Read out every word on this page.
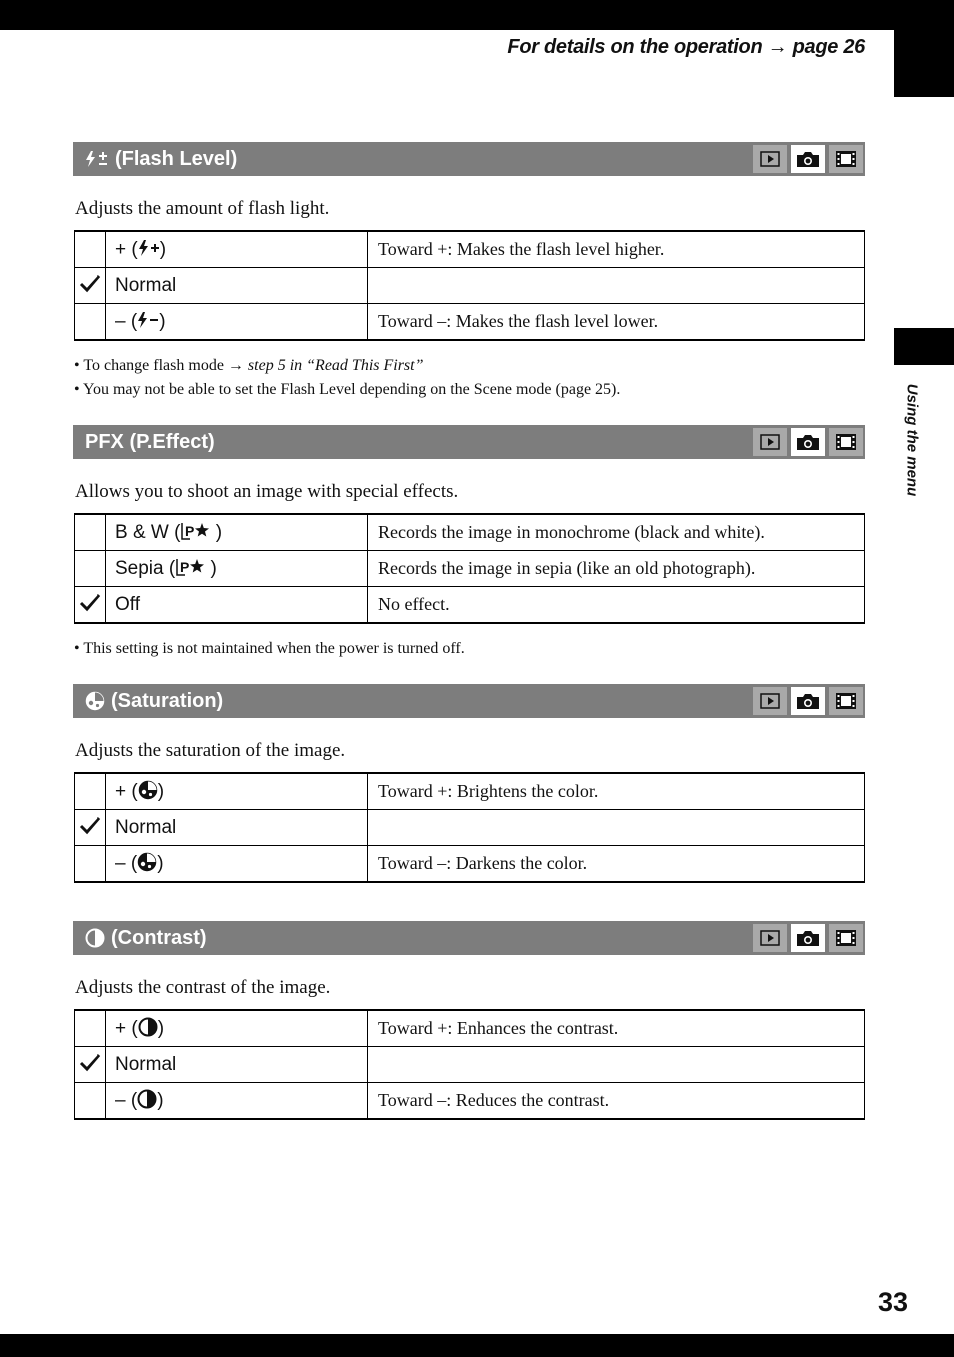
For details on the operation → page 26
Using the menu
33
(Flash Level)
Adjusts the amount of flash light.
	+ ( )	Toward +: Makes the flash level higher.
	Normal	
	– ( )	Toward –: Makes the flash level lower.
• To change flash mode → step 5 in “Read This First”
• You may not be able to set the Flash Level depending on the Scene mode (page 25).
PFX (P.Effect)
Allows you to shoot an image with special effects.
	B & W ( P )	Records the image in monochrome (black and white).
	Sepia ( P )	Records the image in sepia (like an old photograph).
	Off	No effect.
• This setting is not maintained when the power is turned off.
(Saturation)
Adjusts the saturation of the image.
	+ ( )	Toward +: Brightens the color.
	Normal	
	– ( )	Toward –: Darkens the color.
(Contrast)
Adjusts the contrast of the image.
	+ ( )	Toward +: Enhances the contrast.
	Normal	
	– ( )	Toward –: Reduces the contrast.
